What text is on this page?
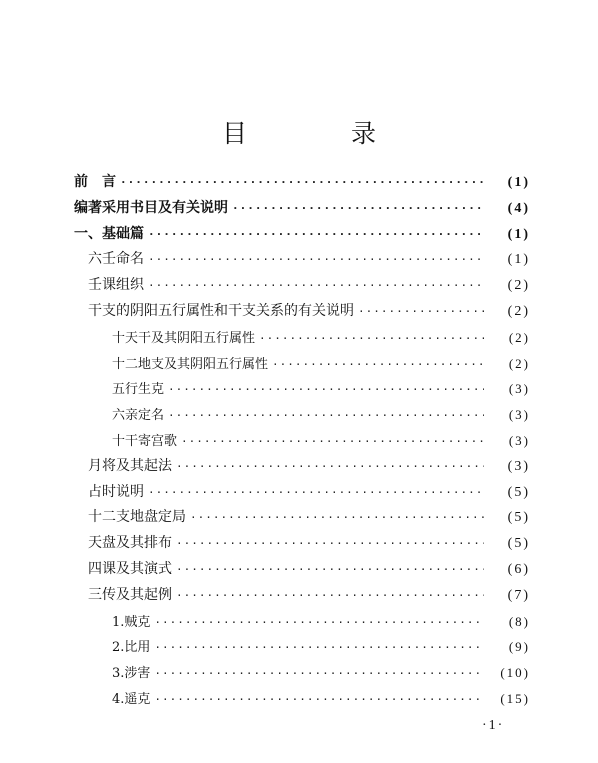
目 录
前　言 ·····	(1)
编著采用书目及有关说明 ·····	(4)
一、基础篇 ·····	(1)
六壬命名 ·····	(1)
壬课组织 ·····	(2)
干支的阴阳五行属性和干支关系的有关说明 ·····	(2)
十天干及其阴阳五行属性 ·····	(2)
十二地支及其阴阳五行属性 ·····	(2)
五行生克 ·····	(3)
六亲定名 ·····	(3)
十干寄宫歌 ·····	(3)
月将及其起法 ·····	(3)
占时说明 ·····	(5)
十二支地盘定局 ·····	(5)
天盘及其排布 ·····	(5)
四课及其演式 ·····	(6)
三传及其起例 ·····	(7)
1.贼克 ·····	(8)
2.比用 ·····	(9)
3.涉害 ·····	(10)
4.遥克 ·····	(15)
·1·
